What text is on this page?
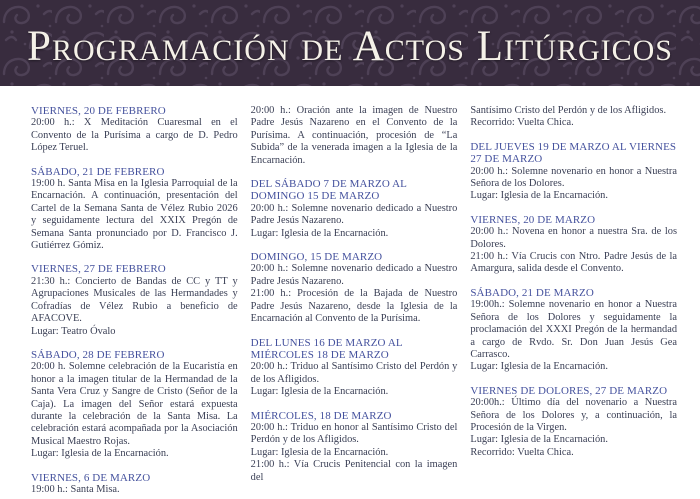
Programación de Actos Litúrgicos
VIERNES, 20 DE FEBRERO

20:00 h.: X Meditación Cuaresmal en el Convento de la Purísima a cargo de D. Pedro López Teruel.

SÁBADO, 21 DE FEBRERO

19:00 h. Santa Misa en la Iglesia Parroquial de la Encarnación. A continuación, presentación del Cartel de la Semana Santa de Vélez Rubio 2026 y seguidamente lectura del XXIX Pregón de Semana Santa pronunciado por D. Francisco J. Gutiérrez Gómiz.

VIERNES, 27 DE FEBRERO

21:30 h.: Concierto de Bandas de CC y TT y Agrupaciones Musicales de las Hermandades y Cofradías de Vélez Rubio a beneficio de AFACOVE.

Lugar: Teatro Óvalo

SÁBADO, 28 DE FEBRERO

20:00 h. Solemne celebración de la Eucaristía en honor a la imagen titular de la Hermandad de la Santa Vera Cruz y Sangre de Cristo (Señor de la Caja). La imagen del Señor estará expuesta durante la celebración de la Santa Misa. La celebración estará acompañada por la Asociación Musical Maestro Rojas.

Lugar: Iglesia de la Encarnación.

VIERNES, 6 DE MARZO

19:00 h.: Santa Misa.

20:00 h.: Oración ante la imagen de Nuestro Padre Jesús Nazareno en el Convento de la Purísima. A continuación, procesión de “La Subida” de la venerada imagen a la Iglesia de la Encarnación.

DEL SÁBADO 7 DE MARZO AL DOMINGO 15 DE MARZO

20:00 h.: Solemne novenario dedicado a Nuestro Padre Jesús Nazareno.

Lugar: Iglesia de la Encarnación.

DOMINGO, 15 DE MARZO

20:00 h.: Solemne novenario dedicado a Nuestro Padre Jesús Nazareno.

21:00 h.: Procesión de la Bajada de Nuestro Padre Jesús Nazareno, desde la Iglesia de la Encarnación al Convento de la Purísima.

DEL LUNES 16 DE MARZO AL MIÉRCOLES 18 DE MARZO

20:00 h.: Triduo al Santísimo Cristo del Perdón y de los Afligidos.

Lugar: Iglesia de la Encarnación.

MIÉRCOLES, 18 DE MARZO

20:00 h.: Triduo en honor al Santísimo Cristo del Perdón y de los Afligidos.

Lugar: Iglesia de la Encarnación.

21:00 h.: Vía Crucis Penitencial con la imagen del

Santísimo Cristo del Perdón y de los Afligidos.

Recorrido: Vuelta Chica.

DEL JUEVES 19 DE MARZO AL VIERNES 27 DE MARZO

20:00 h.: Solemne novenario en honor a Nuestra Señora de los Dolores.

Lugar: Iglesia de la Encarnación.

VIERNES, 20 DE MARZO

20:00 h.: Novena en honor a nuestra Sra. de los Dolores.

21:00 h.: Vía Crucis con Ntro. Padre Jesús de la Amargura, salida desde el Convento.

SÁBADO, 21 DE MARZO

19:00h.: Solemne novenario en honor a Nuestra Señora de los Dolores y seguidamente la proclamación del XXXI Pregón de la hermandad a cargo de Rvdo. Sr. Don Juan Jesús Gea Carrasco.

Lugar: Iglesia de la Encarnación.

VIERNES DE DOLORES, 27 DE MARZO

20:00h.: Último día del novenario a Nuestra Señora de los Dolores y, a continuación, la Procesión de la Virgen.

Lugar: Iglesia de la Encarnación.

Recorrido: Vuelta Chica.
